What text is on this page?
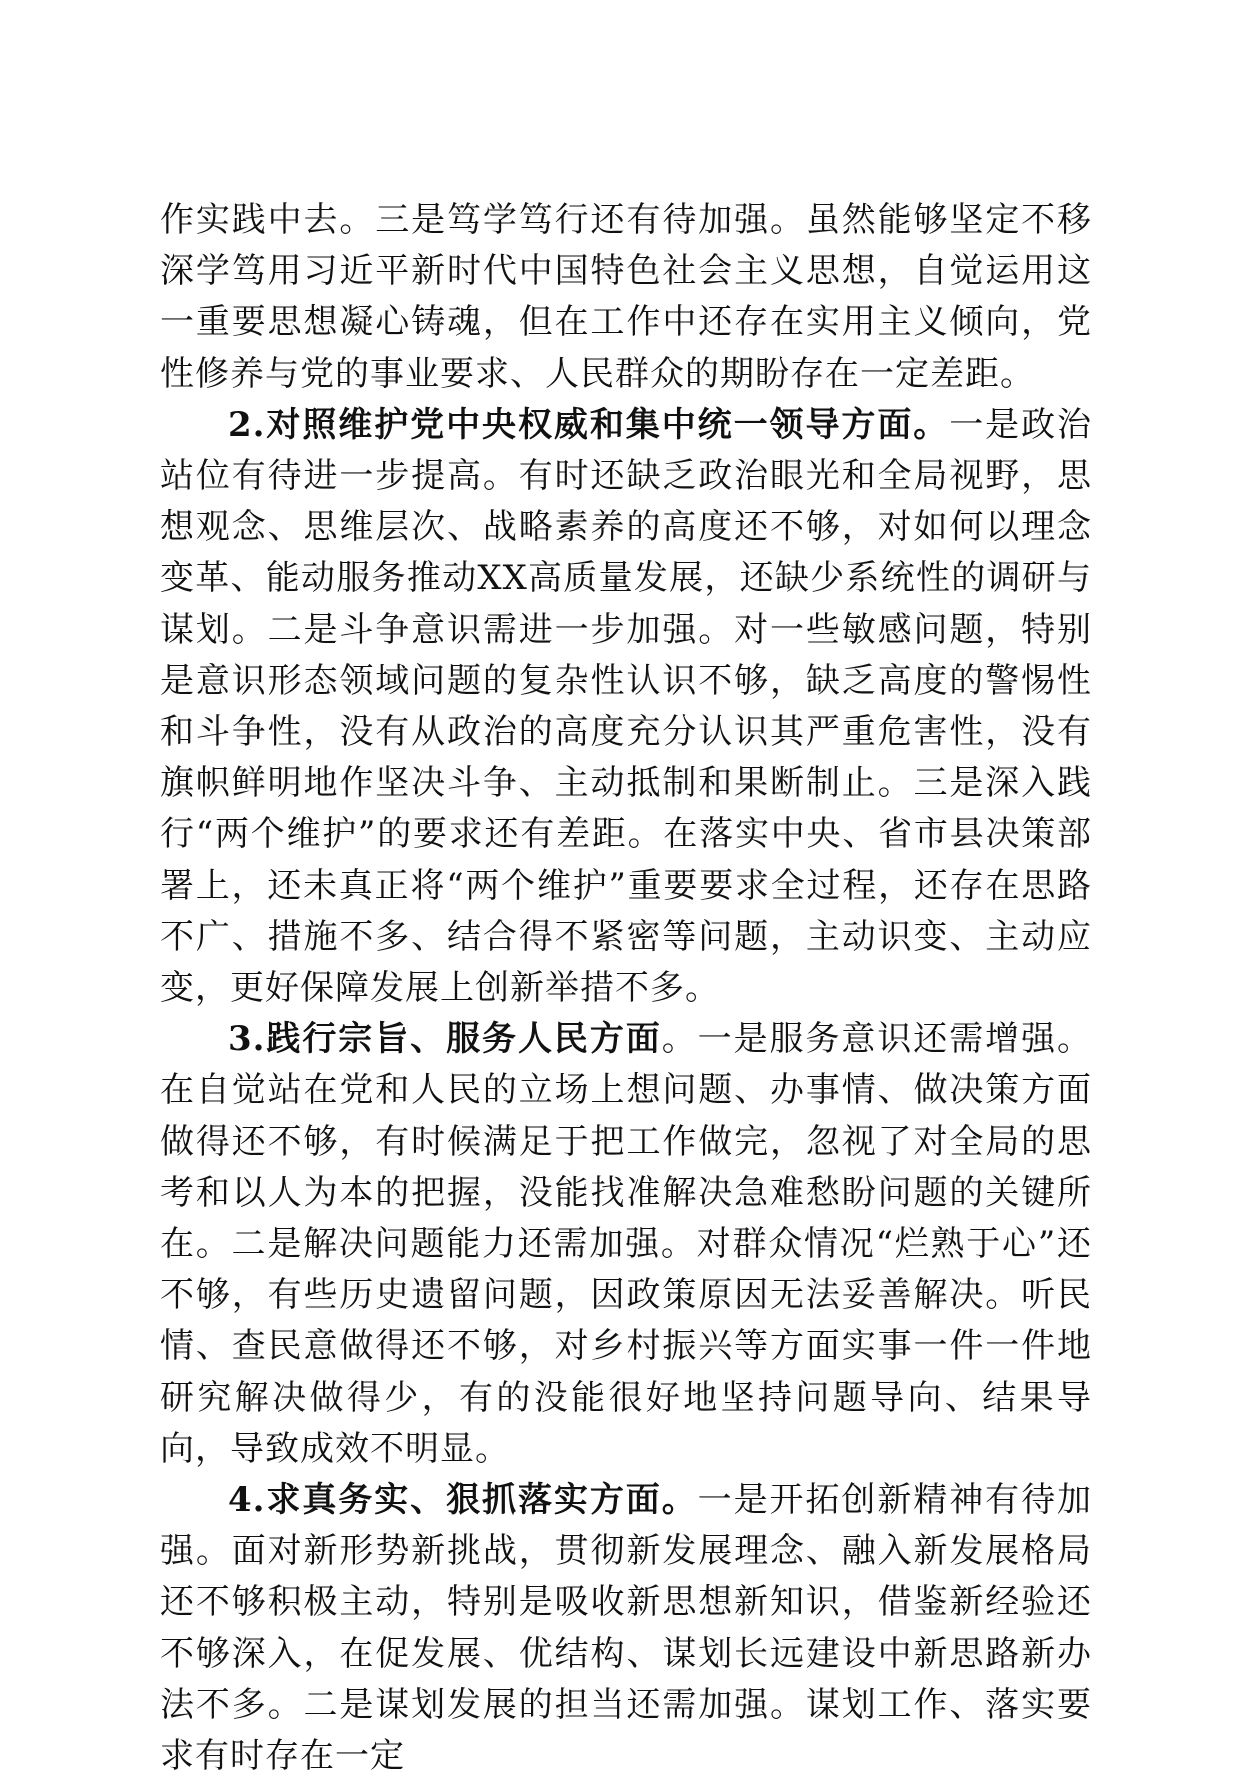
作实践中去。三是笃学笃行还有待加强。虽然能够坚定不移深学笃用习近平新时代中国特色社会主义思想，自觉运用这一重要思想凝心铸魂，但在工作中还存在实用主义倾向，党性修养与党的事业要求、人民群众的期盼存在一定差距。

2.对照维护党中央权威和集中统一领导方面。一是政治站位有待进一步提高。有时还缺乏政治眼光和全局视野，思想观念、思维层次、战略素养的高度还不够，对如何以理念变革、能动服务推动XX高质量发展，还缺少系统性的调研与谋划。二是斗争意识需进一步加强。对一些敏感问题，特别是意识形态领域问题的复杂性认识不够，缺乏高度的警惕性和斗争性，没有从政治的高度充分认识其严重危害性，没有旗帜鲜明地作坚决斗争、主动抵制和果断制止。三是深入践行“两个维护”的要求还有差距。在落实中央、省市县决策部署上，还未真正将“两个维护”重要要求全过程，还存在思路不广、措施不多、结合得不紧密等问题，主动识变、主动应变，更好保障发展上创新举措不多。

3.践行宗旨、服务人民方面。一是服务意识还需增强。在自觉站在党和人民的立场上想问题、办事情、做决策方面做得还不够，有时候满足于把工作做完，忽视了对全局的思考和以人为本的把握，没能找准解决急难愁盼问题的关键所在。二是解决问题能力还需加强。对群众情况“烂熟于心”还不够，有些历史遗留问题，因政策原因无法妥善解决。听民情、查民意做得还不够，对乡村振兴等方面实事一件一件地研究解决做得少，有的没能很好地坚持问题导向、结果导向，导致成效不明显。

4.求真务实、狠抓落实方面。一是开拓创新精神有待加强。面对新形势新挑战，贯彻新发展理念、融入新发展格局还不够积极主动，特别是吸收新思想新知识，借鉴新经验还不够深入，在促发展、优结构、谋划长远建设中新思路新办法不多。二是谋划发展的担当还需加强。谋划工作、落实要求有时存在一定
